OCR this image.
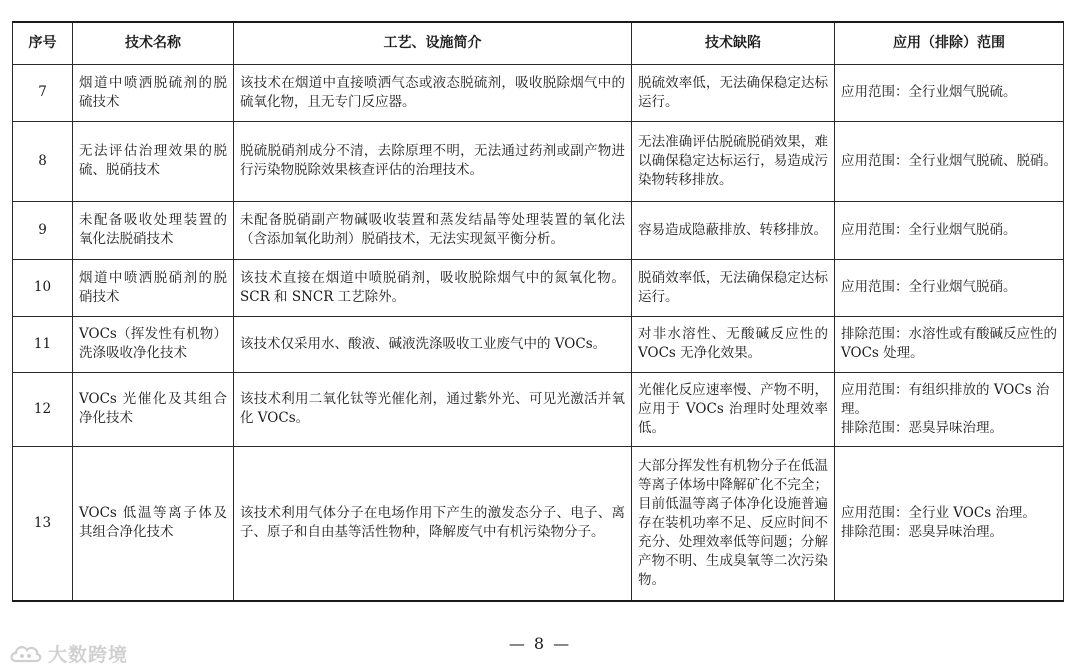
序号	技术名称	工艺、设施简介	技术缺陷	应用（排除）范围
7	烟道中喷洒脱硫剂的脱硫技术	该技术在烟道中直接喷洒气态或液态脱硫剂，吸收脱除烟气中的硫氧化物，且无专门反应器。	脱硫效率低，无法确保稳定达标运行。	应用范围：全行业烟气脱硫。

8	无法评估治理效果的脱硫、脱硝技术	脱硫脱硝剂成分不清，去除原理不明，无法通过药剂或副产物进行污染物脱除效果核查评估的治理技术。	无法准确评估脱硫脱硝效果，难以确保稳定达标运行，易造成污染物转移排放。	应用范围：全行业烟气脱硫、脱硝。

9	未配备吸收处理装置的氧化法脱硝技术	未配备脱硝副产物碱吸收装置和蒸发结晶等处理装置的氧化法（含添加氧化助剂）脱硝技术，无法实现氮平衡分析。	容易造成隐蔽排放、转移排放。	应用范围：全行业烟气脱硝。

10	烟道中喷洒脱硝剂的脱硝技术	该技术直接在烟道中喷脱硝剂，吸收脱除烟气中的氮氧化物。SCR 和 SNCR 工艺除外。	脱硝效率低，无法确保稳定达标运行。	应用范围：全行业烟气脱硝。

11	VOCs（挥发性有机物）洗涤吸收净化技术	该技术仅采用水、酸液、碱液洗涤吸收工业废气中的 VOCs。	对非水溶性、无酸碱反应性的 VOCs 无净化效果。	排除范围：水溶性或有酸碱反应性的 VOCs 处理。

12	VOCs 光催化及其组合净化技术	该技术利用二氧化钛等光催化剂，通过紫外光、可见光激活并氧化 VOCs。	光催化反应速率慢、产物不明，应用于 VOCs 治理时处理效率低。	应用范围：有组织排放的 VOCs 治理。
排除范围：恶臭异味治理。

13	VOCs 低温等离子体及其组合净化技术	该技术利用气体分子在电场作用下产生的激发态分子、电子、离子、原子和自由基等活性物种，降解废气中有机污染物分子。	大部分挥发性有机物分子在低温等离子体场中降解矿化不完全；目前低温等离子体净化设施普遍存在装机功率不足、反应时间不充分、处理效率低等问题；分解产物不明、生成臭氧等二次污染物。	应用范围：全行业 VOCs 治理。
排除范围：恶臭异味治理。
— 8 —
大数跨境
